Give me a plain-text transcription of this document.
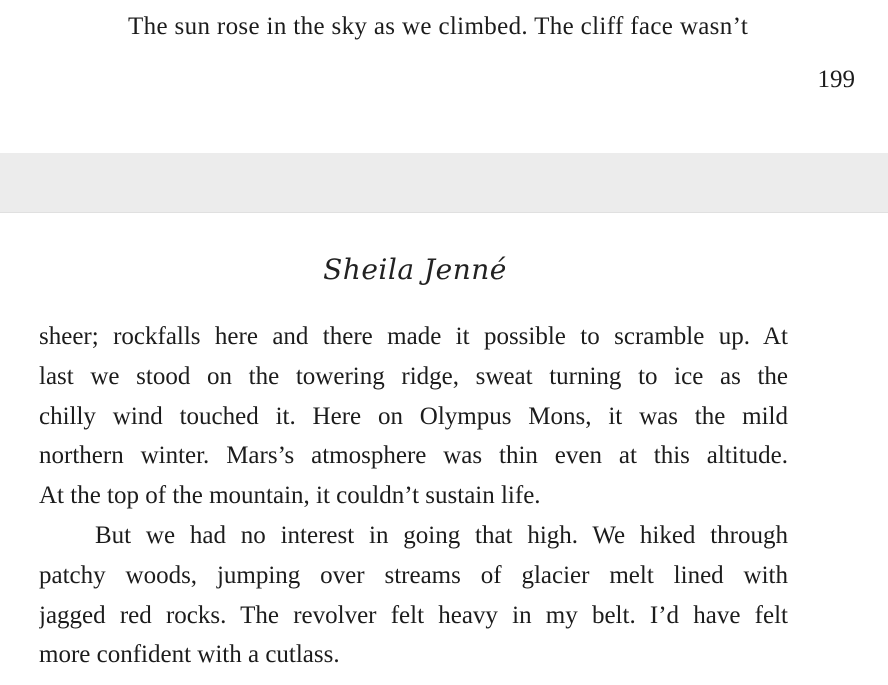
The sun rose in the sky as we climbed. The cliff face wasn’t
199
Sheila Jenné
sheer; rockfalls here and there made it possible to scramble up. At
last we stood on the towering ridge, sweat turning to ice as the
chilly wind touched it. Here on Olympus Mons, it was the mild
northern winter. Mars’s atmosphere was thin even at this altitude.
At the top of the mountain, it couldn’t sustain life.
But we had no interest in going that high. We hiked through
patchy woods, jumping over streams of glacier melt lined with
jagged red rocks. The revolver felt heavy in my belt. I’d have felt
more confident with a cutlass.
